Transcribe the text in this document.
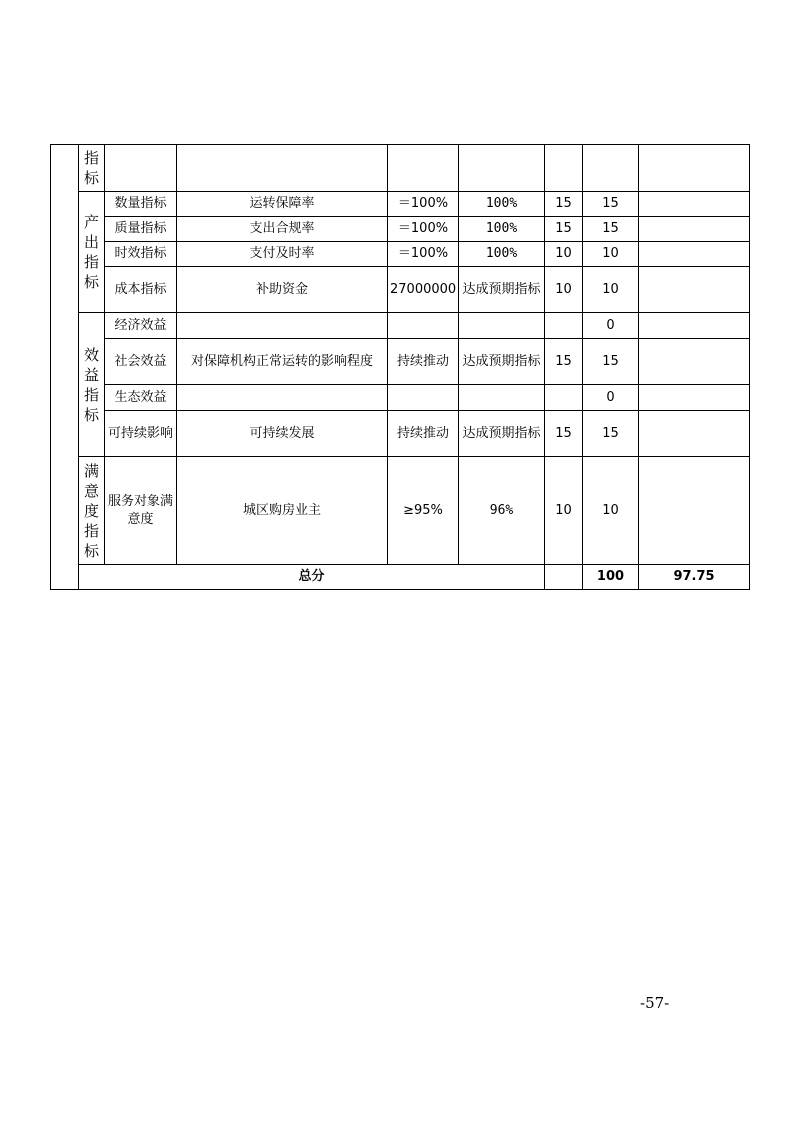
	指标								

	产出指标	数量指标	运转保障率	＝100%	100%	15	15		
		质量指标	支出合规率	＝100%	100%	15	15		
		时效指标	支付及时率	＝100%	100%	10	10		
		成本指标	补助资金	27000000	达成预期指标	10	10		

	效益指标	经济效益					0		
		社会效益	对保障机构正常运转的影响程度	持续推动	达成预期指标	15	15		
		生态效益					0		
		可持续影响	可持续发展	持续推动	达成预期指标	15	15		

	满意度指标	服务对象满意度	城区购房业主	≥95%	96%	10	10		
	总分						100	97.75	
-57-
